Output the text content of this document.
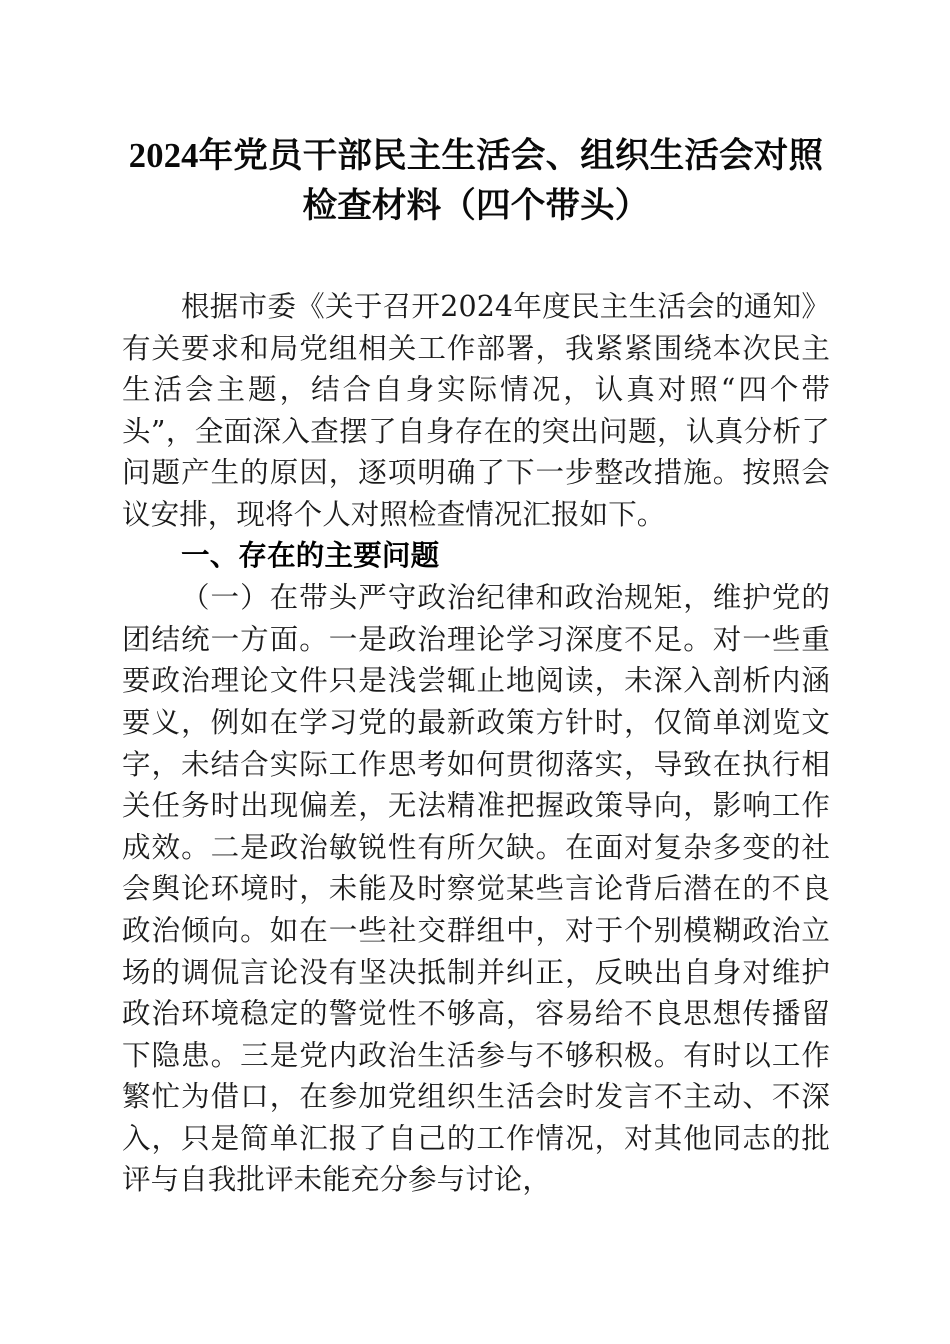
2024年党员干部民主生活会、组织生活会对照检查材料（四个带头）

根据市委《关于召开2024年度民主生活会的通知》有关要求和局党组相关工作部署，我紧紧围绕本次民主生活会主题，结合自身实际情况，认真对照“四个带头”，全面深入查摆了自身存在的突出问题，认真分析了问题产生的原因，逐项明确了下一步整改措施。按照会议安排，现将个人对照检查情况汇报如下。

一、存在的主要问题

（一）在带头严守政治纪律和政治规矩，维护党的团结统一方面。一是政治理论学习深度不足。对一些重要政治理论文件只是浅尝辄止地阅读，未深入剖析内涵要义，例如在学习党的最新政策方针时，仅简单浏览文字，未结合实际工作思考如何贯彻落实，导致在执行相关任务时出现偏差，无法精准把握政策导向，影响工作成效。二是政治敏锐性有所欠缺。在面对复杂多变的社会舆论环境时，未能及时察觉某些言论背后潜在的不良政治倾向。如在一些社交群组中，对于个别模糊政治立场的调侃言论没有坚决抵制并纠正，反映出自身对维护政治环境稳定的警觉性不够高，容易给不良思想传播留下隐患。三是党内政治生活参与不够积极。有时以工作繁忙为借口，在参加党组织生活会时发言不主动、不深入，只是简单汇报了自己的工作情况，对其他同志的批评与自我批评未能充分参与讨论，
